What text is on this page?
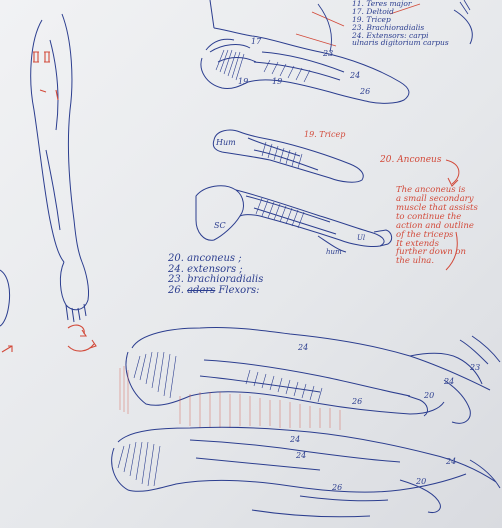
17
19	19
23
24
26
Hum
19. Tricep
SC
hum
Ul
24
26
24
20
23
24
24
26
20
24
11. Teres major
17. Deltoid
19. Tricep
23. Brachioradialis
24. Extensors: carpi ulnaris digitorium carpus
20. Anconeus
The anconeus is
a small secondary
muscle that assists
to continue the
action and outline
of the triceps
It extends
further down on
the ulna.
20. anconeus ;
24. extensors ;
23. brachioradialis
26. aders Flexors:
